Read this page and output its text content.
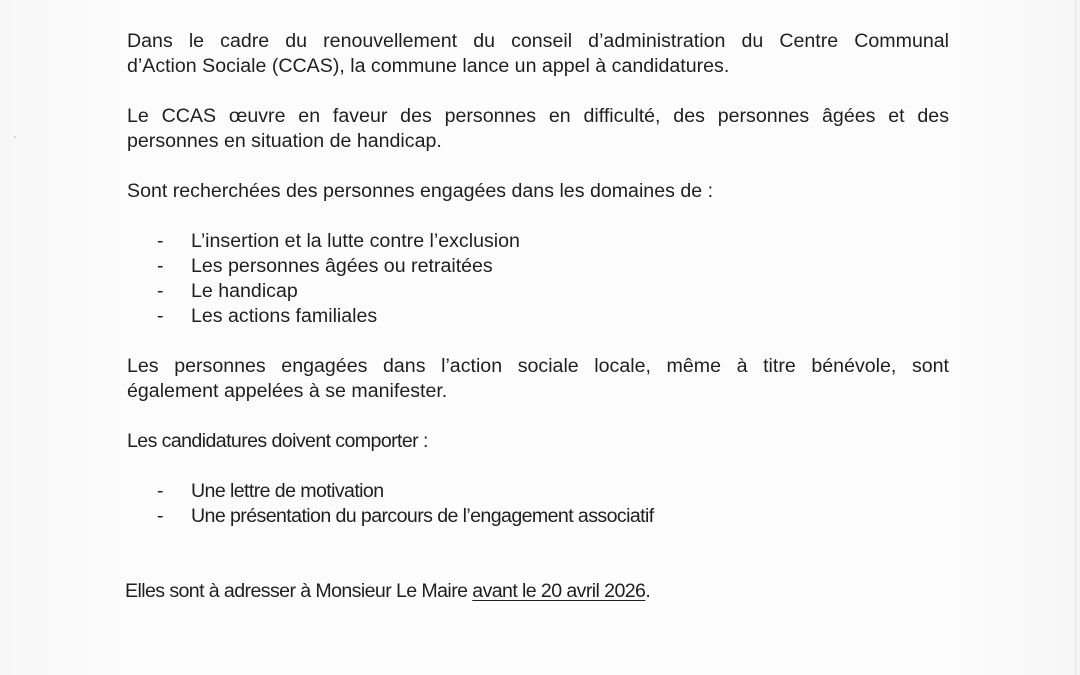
Dans le cadre du renouvellement du conseil d’administration du Centre Communal
d’Action Sociale (CCAS), la commune lance un appel à candidatures.

Le CCAS œuvre en faveur des personnes en difficulté, des personnes âgées et des
personnes en situation de handicap.

Sont recherchées des personnes engagées dans les domaines de :

- L’insertion et la lutte contre l’exclusion
- Les personnes âgées ou retraitées
- Le handicap
- Les actions familiales

Les personnes engagées dans l’action sociale locale, même à titre bénévole, sont
également appelées à se manifester.

Les candidatures doivent comporter :

- Une lettre de motivation
- Une présentation du parcours de l’engagement associatif

Elles sont à adresser à Monsieur Le Maire avant le 20 avril 2026.
